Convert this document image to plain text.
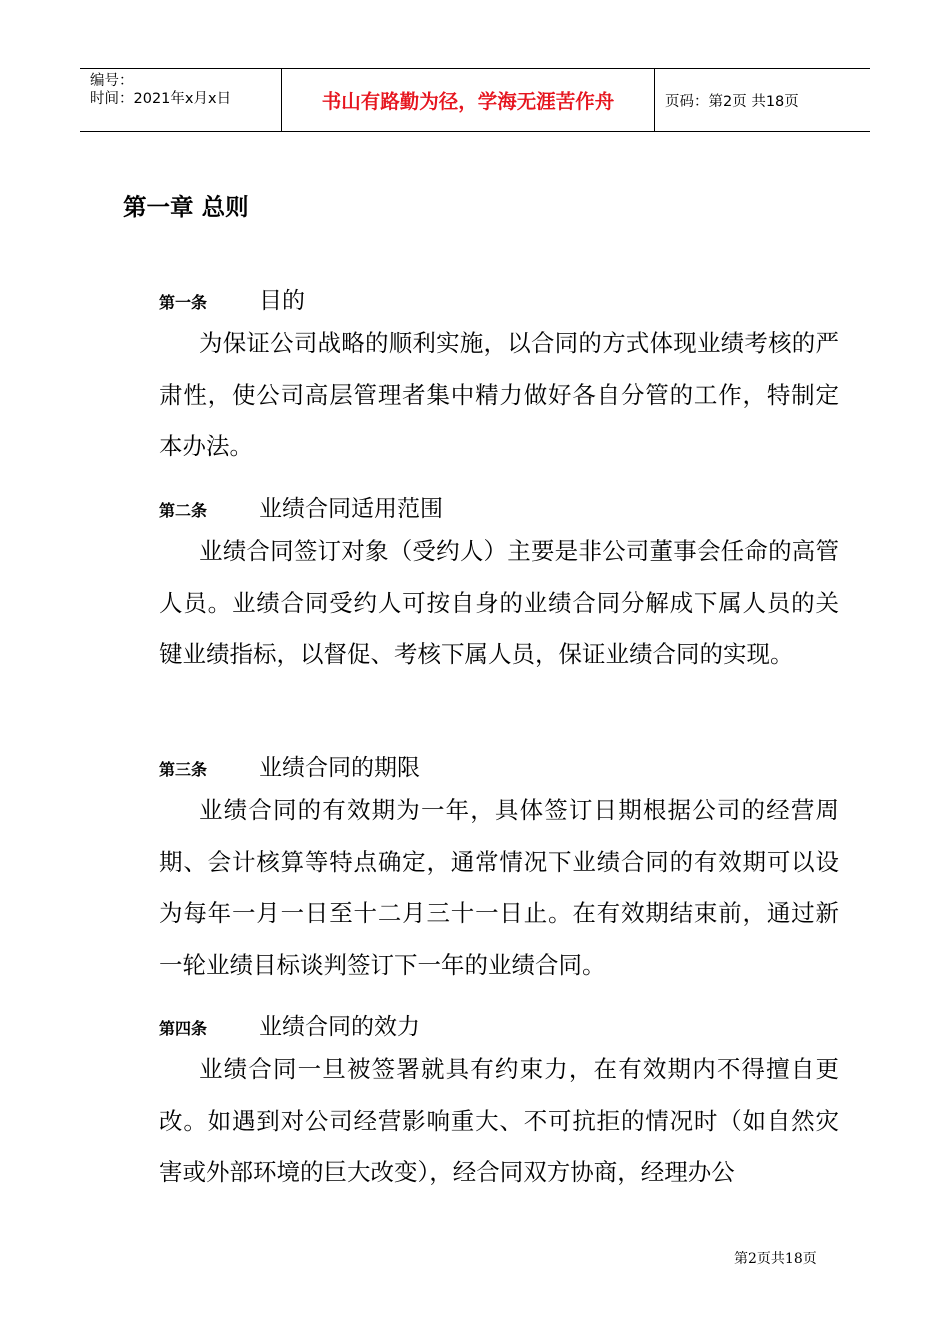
编号：
时间：2021年x月x日	书山有路勤为径，学海无涯苦作舟	页码：第2页 共18页
第一章 总则
第一条 目的
为保证公司战略的顺利实施，以合同的方式体现业绩考核的严肃性，使公司高层管理者集中精力做好各自分管的工作，特制定本办法。
第二条 业绩合同适用范围
业绩合同签订对象（受约人）主要是非公司董事会任命的高管人员。业绩合同受约人可按自身的业绩合同分解成下属人员的关键业绩指标，以督促、考核下属人员，保证业绩合同的实现。
第三条 业绩合同的期限
业绩合同的有效期为一年，具体签订日期根据公司的经营周期、会计核算等特点确定，通常情况下业绩合同的有效期可以设为每年一月一日至十二月三十一日止。在有效期结束前，通过新一轮业绩目标谈判签订下一年的业绩合同。
第四条 业绩合同的效力
业绩合同一旦被签署就具有约束力，在有效期内不得擅自更改。如遇到对公司经营影响重大、不可抗拒的情况时（如自然灾害或外部环境的巨大改变），经合同双方协商，经理办公
第2页共18页
